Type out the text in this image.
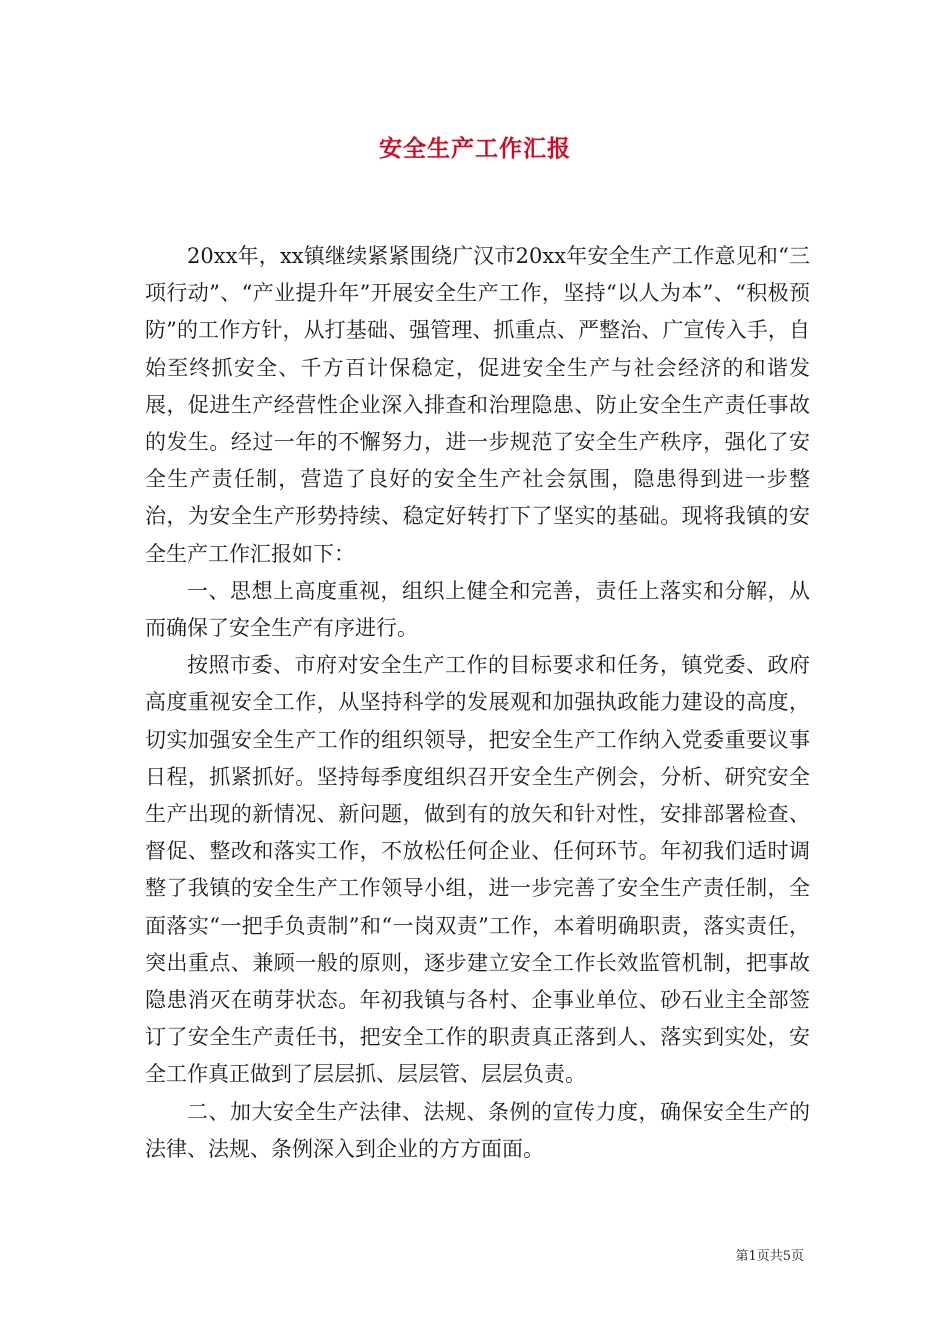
安全生产工作汇报

20xx年，xx镇继续紧紧围绕广汉市20xx年安全生产工作意见和“三项行动”、“产业提升年”开展安全生产工作，坚持“以人为本”、“积极预防”的工作方针，从打基础、强管理、抓重点、严整治、广宣传入手，自始至终抓安全、千方百计保稳定，促进安全生产与社会经济的和谐发展，促进生产经营性企业深入排查和治理隐患、防止安全生产责任事故的发生。经过一年的不懈努力，进一步规范了安全生产秩序，强化了安全生产责任制，营造了良好的安全生产社会氛围，隐患得到进一步整治，为安全生产形势持续、稳定好转打下了坚实的基础。现将我镇的安全生产工作汇报如下：

一、思想上高度重视，组织上健全和完善，责任上落实和分解，从而确保了安全生产有序进行。

按照市委、市府对安全生产工作的目标要求和任务，镇党委、政府高度重视安全工作，从坚持科学的发展观和加强执政能力建设的高度，切实加强安全生产工作的组织领导，把安全生产工作纳入党委重要议事日程，抓紧抓好。坚持每季度组织召开安全生产例会，分析、研究安全生产出现的新情况、新问题，做到有的放矢和针对性，安排部署检查、督促、整改和落实工作，不放松任何企业、任何环节。年初我们适时调整了我镇的安全生产工作领导小组，进一步完善了安全生产责任制，全面落实“一把手负责制”和“一岗双责”工作，本着明确职责，落实责任，突出重点、兼顾一般的原则，逐步建立安全工作长效监管机制，把事故隐患消灭在萌芽状态。年初我镇与各村、企事业单位、砂石业主全部签订了安全生产责任书，把安全工作的职责真正落到人、落实到实处，安全工作真正做到了层层抓、层层管、层层负责。

二、加大安全生产法律、法规、条例的宣传力度，确保安全生产的法律、法规、条例深入到企业的方方面面。

第1页共5页
